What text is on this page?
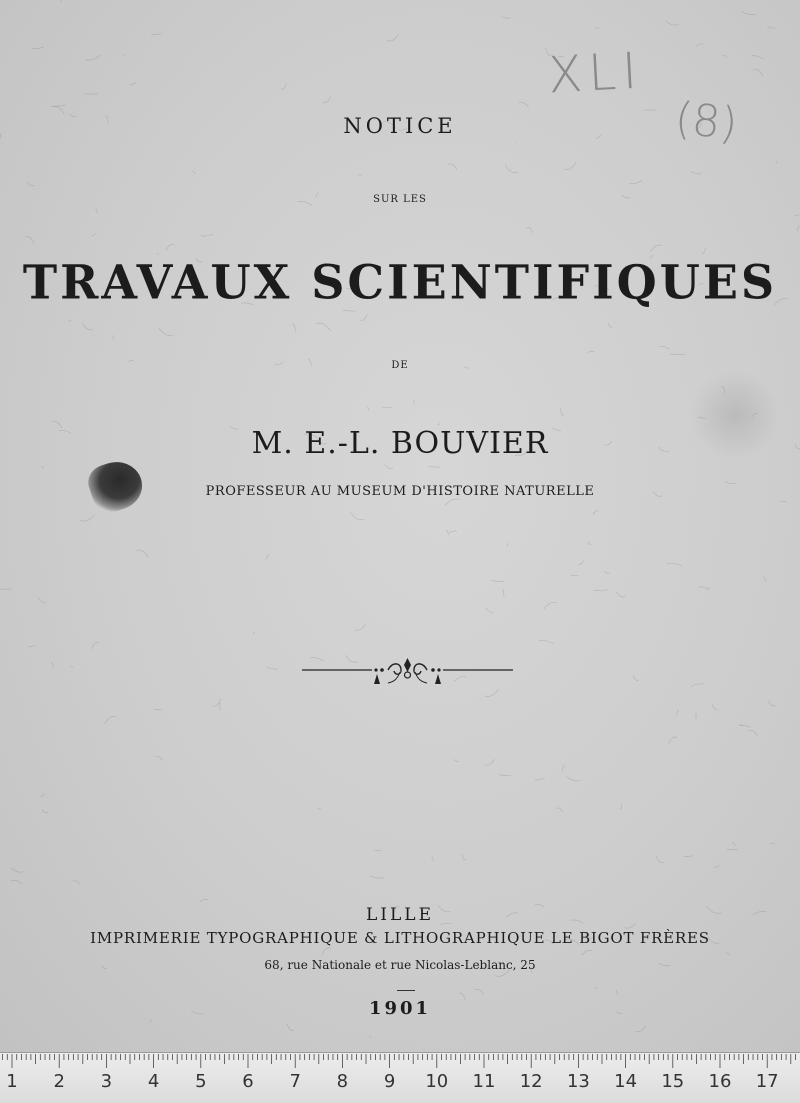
XLI
(8)

NOTICE

SUR LES

TRAVAUX SCIENTIFIQUES

DE

M. E.-L. BOUVIER

PROFESSEUR AU MUSEUM D'HISTOIRE NATURELLE

LILLE

IMPRIMERIE TYPOGRAPHIQUE & LITHOGRAPHIQUE LE BIGOT FRÈRES

68, rue Nationale et rue Nicolas-Leblanc, 25

1901

1 2 3 4 5 6 7 8 9 10 11 12 13 14 15 16 17
